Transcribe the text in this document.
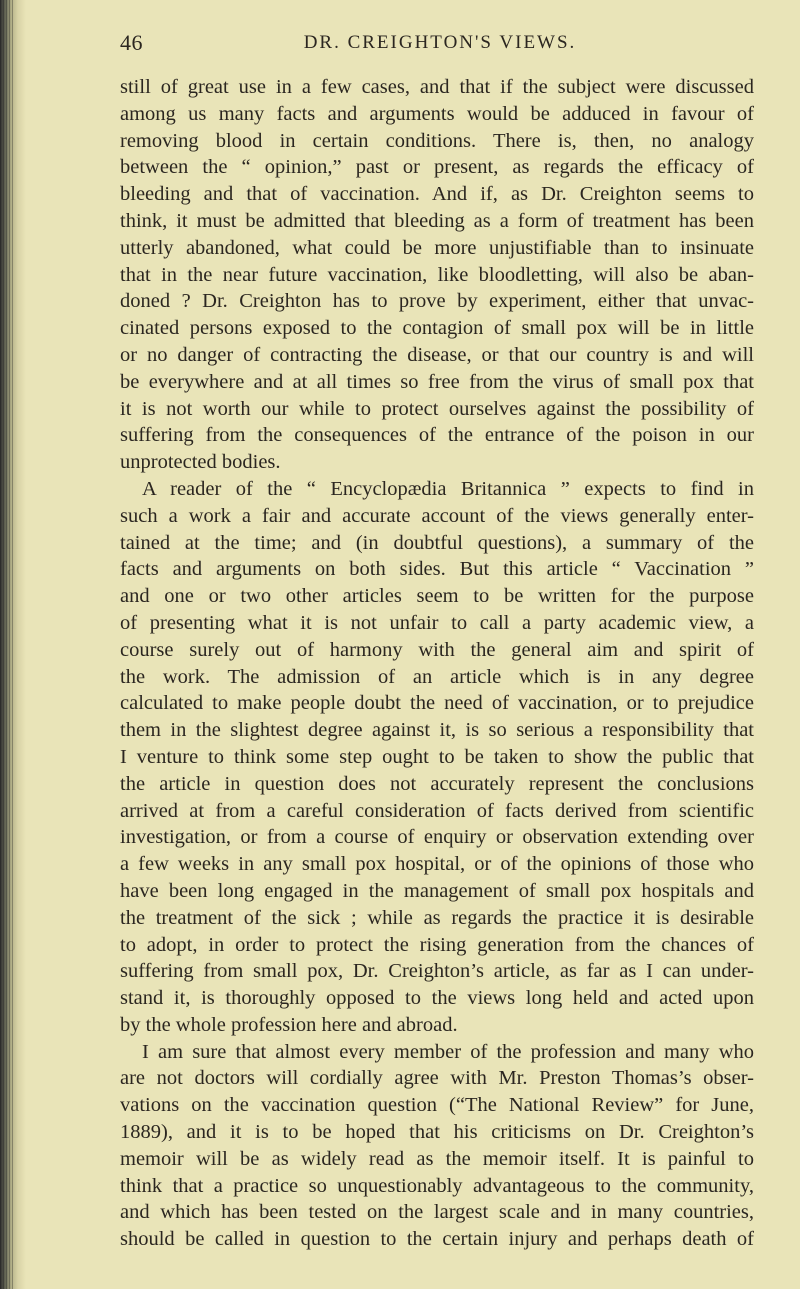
46	DR. CREIGHTON'S VIEWS.
still of great use in a few cases, and that if the subject were discussed
among us many facts and arguments would be adduced in favour of
removing blood in certain conditions. There is, then, no analogy
between the “ opinion,” past or present, as regards the efficacy of
bleeding and that of vaccination. And if, as Dr. Creighton seems to
think, it must be admitted that bleeding as a form of treatment has been
utterly abandoned, what could be more unjustifiable than to insinuate
that in the near future vaccination, like bloodletting, will also be aban-
doned ? Dr. Creighton has to prove by experiment, either that unvac-
cinated persons exposed to the contagion of small pox will be in little
or no danger of contracting the disease, or that our country is and will
be everywhere and at all times so free from the virus of small pox that
it is not worth our while to protect ourselves against the possibility of
suffering from the consequences of the entrance of the poison in our
unprotected bodies.
A reader of the “ Encyclopædia Britannica ” expects to find in
such a work a fair and accurate account of the views generally enter-
tained at the time; and (in doubtful questions), a summary of the
facts and arguments on both sides. But this article “ Vaccination ”
and one or two other articles seem to be written for the purpose
of presenting what it is not unfair to call a party academic view, a
course surely out of harmony with the general aim and spirit of
the work. The admission of an article which is in any degree
calculated to make people doubt the need of vaccination, or to prejudice
them in the slightest degree against it, is so serious a responsibility that
I venture to think some step ought to be taken to show the public that
the article in question does not accurately represent the conclusions
arrived at from a careful consideration of facts derived from scientific
investigation, or from a course of enquiry or observation extending over
a few weeks in any small pox hospital, or of the opinions of those who
have been long engaged in the management of small pox hospitals and
the treatment of the sick ; while as regards the practice it is desirable
to adopt, in order to protect the rising generation from the chances of
suffering from small pox, Dr. Creighton’s article, as far as I can under-
stand it, is thoroughly opposed to the views long held and acted upon
by the whole profession here and abroad.
I am sure that almost every member of the profession and many who
are not doctors will cordially agree with Mr. Preston Thomas’s obser-
vations on the vaccination question (“The National Review” for June,
1889), and it is to be hoped that his criticisms on Dr. Creighton’s
memoir will be as widely read as the memoir itself. It is painful to
think that a practice so unquestionably advantageous to the community,
and which has been tested on the largest scale and in many countries,
should be called in question to the certain injury and perhaps death of
